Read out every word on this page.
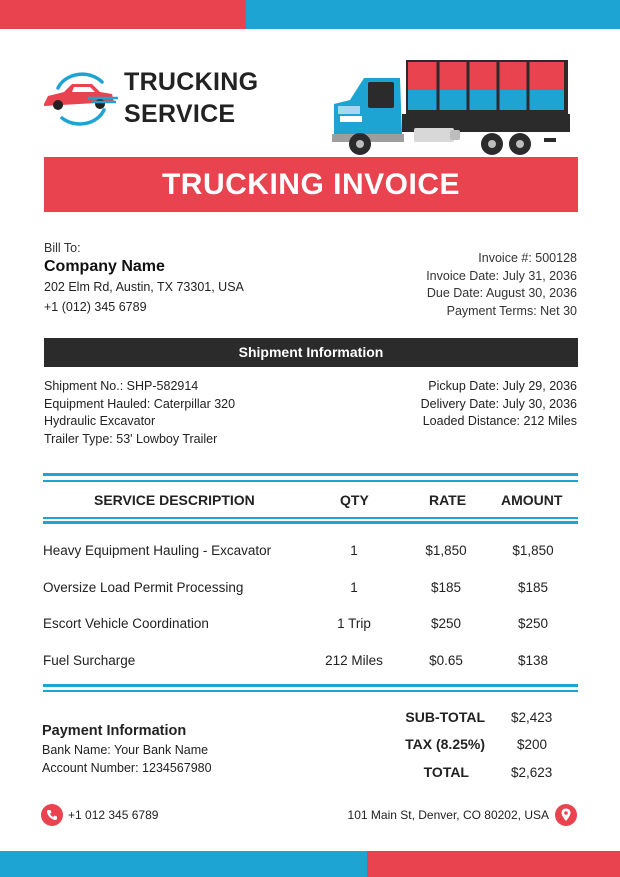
TRUCKING
SERVICE
TRUCKING INVOICE
Bill To:
Company Name
202 Elm Rd, Austin, TX 73301, USA
+1 (012) 345 6789
Invoice #: 500128
Invoice Date: July 31, 2036
Due Date: August 30, 2036
Payment Terms: Net 30
Shipment Information
Shipment No.: SHP-582914
Equipment Hauled: Caterpillar 320
Hydraulic Excavator
Trailer Type: 53' Lowboy Trailer
Pickup Date: July 29, 2036
Delivery Date: July 30, 2036
Loaded Distance: 212 Miles
SERVICE DESCRIPTION	QTY	RATE AMOUNT
Heavy Equipment Hauling - Excavator	1	$1,850	$1,850
Oversize Load Permit Processing	1	$185	$185
Escort Vehicle Coordination	1 Trip	$250	$250
Fuel Surcharge	212 Miles	$0.65	$138
Payment Information
Bank Name: Your Bank Name
Account Number: 1234567980
SUB-TOTAL $2,423
TAX (8.25%) $200
TOTAL	$2,623
+1 012 345 6789	101 Main St, Denver, CO 80202, USA
